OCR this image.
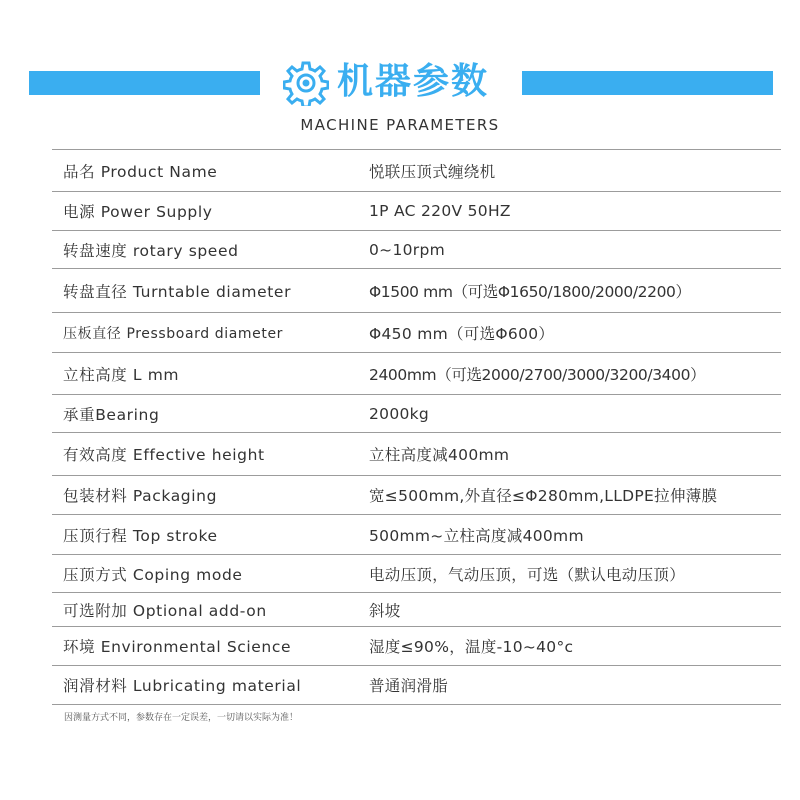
机器参数
MACHINE PARAMETERS
品名 Product Name	悦联压顶式缠绕机
电源 Power Supply	1P AC 220V 50HZ
转盘速度 rotary speed	0~10rpm
转盘直径 Turntable diameter	Φ1500 mm（可选Φ1650/1800/2000/2200）
压板直径 Pressboard diameter	Φ450 mm（可选Φ600）
立柱高度 L mm	2400mm（可选2000/2700/3000/3200/3400）
承重Bearing	2000kg
有效高度 Effective height	立柱高度减400mm
包装材料 Packaging	宽≤500mm,外直径≤Φ280mm,LLDPE拉伸薄膜
压顶行程 Top stroke	500mm~立柱高度减400mm
压顶方式 Coping mode	电动压顶，气动压顶，可选（默认电动压顶）
可选附加 Optional add-on	斜坡
环境 Environmental Science	湿度≤90%，温度-10~40°c
润滑材料 Lubricating material	普通润滑脂
因测量方式不同，参数存在一定误差，一切请以实际为准！
